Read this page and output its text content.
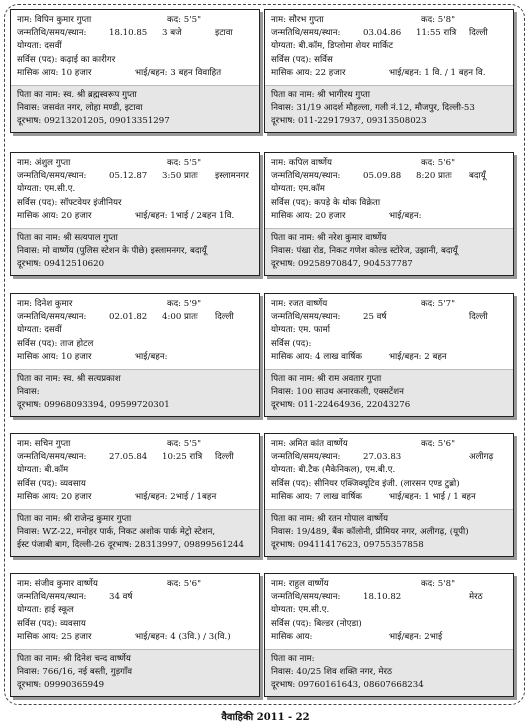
नाम: विपिन कुमार गुप्ता	कद: 5'5"
जन्मतिथि/समय/स्थान:	18.10.85 3 बजे	इटावा
योग्यता: दसवीं
सर्विस (पद): कढ़ाई का कारीगर
मासिक आय: 10 हजार	भाई/बहन: 3 बहन विवाहित
पिता का नाम: स्व. श्री ब्रह्मस्वरूप गुप्ता
निवास: जसवंत नगर, लोहा मण्डी, इटावा
दूरभाष: 09213201205, 09013351297
नाम: सौरभ गुप्ता	कद: 5'8"
जन्मतिथि/समय/स्थान:	03.04.86 11:55 रात्रि दिल्ली
योग्यता: बी.कॉम, डिप्लोमा शेयर मार्किट
सर्विस (पद): सर्विस
मासिक आय: 22 हजार	भाई/बहन: 1 वि. / 1 बहन वि.
पिता का नाम: श्री भागीरथ गुप्ता
निवास: 31/19 आदर्श मौहल्ला, गली नं.12, मौजपुर, दिल्ली-53
दूरभाष: 011-22917937, 09313508023
नाम: अंशुल गुप्ता	कद: 5'5"
जन्मतिथि/समय/स्थान:	05.12.87 3:50 प्रातः इस्लामनगर
योग्यता: एम.सी.ए.
सर्विस (पद): सॉफ्टवेयर इंजीनियर
मासिक आय: 20 हजार	भाई/बहन: 1भाई / 2बहन 1वि.
पिता का नाम: श्री सत्यपाल गुप्ता
निवास: मो वार्ष्णेय (पुलिस स्टेशन के पीछे) इस्लामनगर, बदायूँ
दूरभाष: 09412510620
नाम: कपिल वार्ष्णेय	कद: 5'6"
जन्मतिथि/समय/स्थान:	05.09.88 8:20 प्रातः बदायूँ
योग्यता: एम.कॉम
सर्विस (पद): कपड़े के थोक विक्रेता
मासिक आय: 20 हजार	भाई/बहन:
पिता का नाम: श्री नरेश कुमार वार्ष्णेय
निवास: पंखा रोड, निकट गणेश कोल्ड स्टोरेज, उझानी, बदायूँ
दूरभाष: 09258970847, 904537787
नाम: दिनेश कुमार	कद: 5'9"
जन्मतिथि/समय/स्थान:	02.01.82 4:00 प्रातः दिल्ली
योग्यता: दसवीं
सर्विस (पद): ताज होटल
मासिक आय: 10 हजार	भाई/बहन:
पिता का नाम: स्व. श्री सत्यप्रकाश
निवास:
दूरभाष: 09968093394, 09599720301
नाम: रजत वार्ष्णेय	कद: 5'7"
जन्मतिथि/समय/स्थान:	25 वर्ष	दिल्ली
योग्यता: एम. फार्मा
सर्विस (पद):
मासिक आय: 4 लाख वार्षिक	भाई/बहन: 2 बहन
पिता का नाम: श्री राम अवतार गुप्ता
निवास: 100 साउथ अनारकली, एक्सटेंशन
दूरभाष: 011-22464936, 22043276
नाम: सचिन गुप्ता	कद: 5'5"
जन्मतिथि/समय/स्थान:	27.05.84 10:25 रात्रि दिल्ली
योग्यता: बी.कॉम
सर्विस (पद): व्यवसाय
मासिक आय: 20 हजार	भाई/बहन: 2भाई / 1बहन
पिता का नाम: श्री राजेन्द्र कुमार गुप्ता
निवास: WZ-22, मनोहर पार्क, निकट अशोक पार्क मेट्रो स्टेशन,
ईस्ट पंजाबी बाग, दिल्ली-26 दूरभाष: 28313997, 09899561244
नाम: अमित कांत वार्ष्णेय	कद: 5'6"
जन्मतिथि/समय/स्थान:	27.03.83	अलीगढ़
योग्यता: बी.टैक (मैकेनिकल), एम.बी.ए.
सर्विस (पद): सीनियर एक्जिक्यूटिव इंजी. (लारसन एण्ड टुब्रो)
मासिक आय: 7 लाख वार्षिक	भाई/बहन: 1 भाई / 1 बहन
पिता का नाम: श्री रतन गोपाल वार्ष्णेय
निवास: 19/489, बैंक कॉलोनी, प्रीमियर नगर, अलीगढ़, (यूपी)
दूरभाष: 09411417623, 09755357858
नाम: संजीव कुमार वार्ष्णेय	कद: 5'6"
जन्मतिथि/समय/स्थान:	34 वर्ष
योग्यता: हाई स्कूल
सर्विस (पद): व्यवसाय
मासिक आय: 25 हजार	भाई/बहन: 4 (3वि.) / 3(वि.)
पिता का नाम: श्री दिनेश चन्द वार्ष्णेय
निवास: 766/16, नई बस्ती, गुड़गाँव
दूरभाष: 09990365949
नाम: राहुल वार्ष्णेय	कद: 5'8"
जन्मतिथि/समय/स्थान:	18.10.82	मेरठ
योग्यता: एम.सी.ए.
सर्विस (पद): बिल्डर (नोएडा)
मासिक आय:	भाई/बहन: 2भाई
पिता का नाम:
निवास: 40/25 शिव शक्ति नगर, मेरठ
दूरभाष: 09760161643, 08607668234
वैवाहिकी 2011 - 22
